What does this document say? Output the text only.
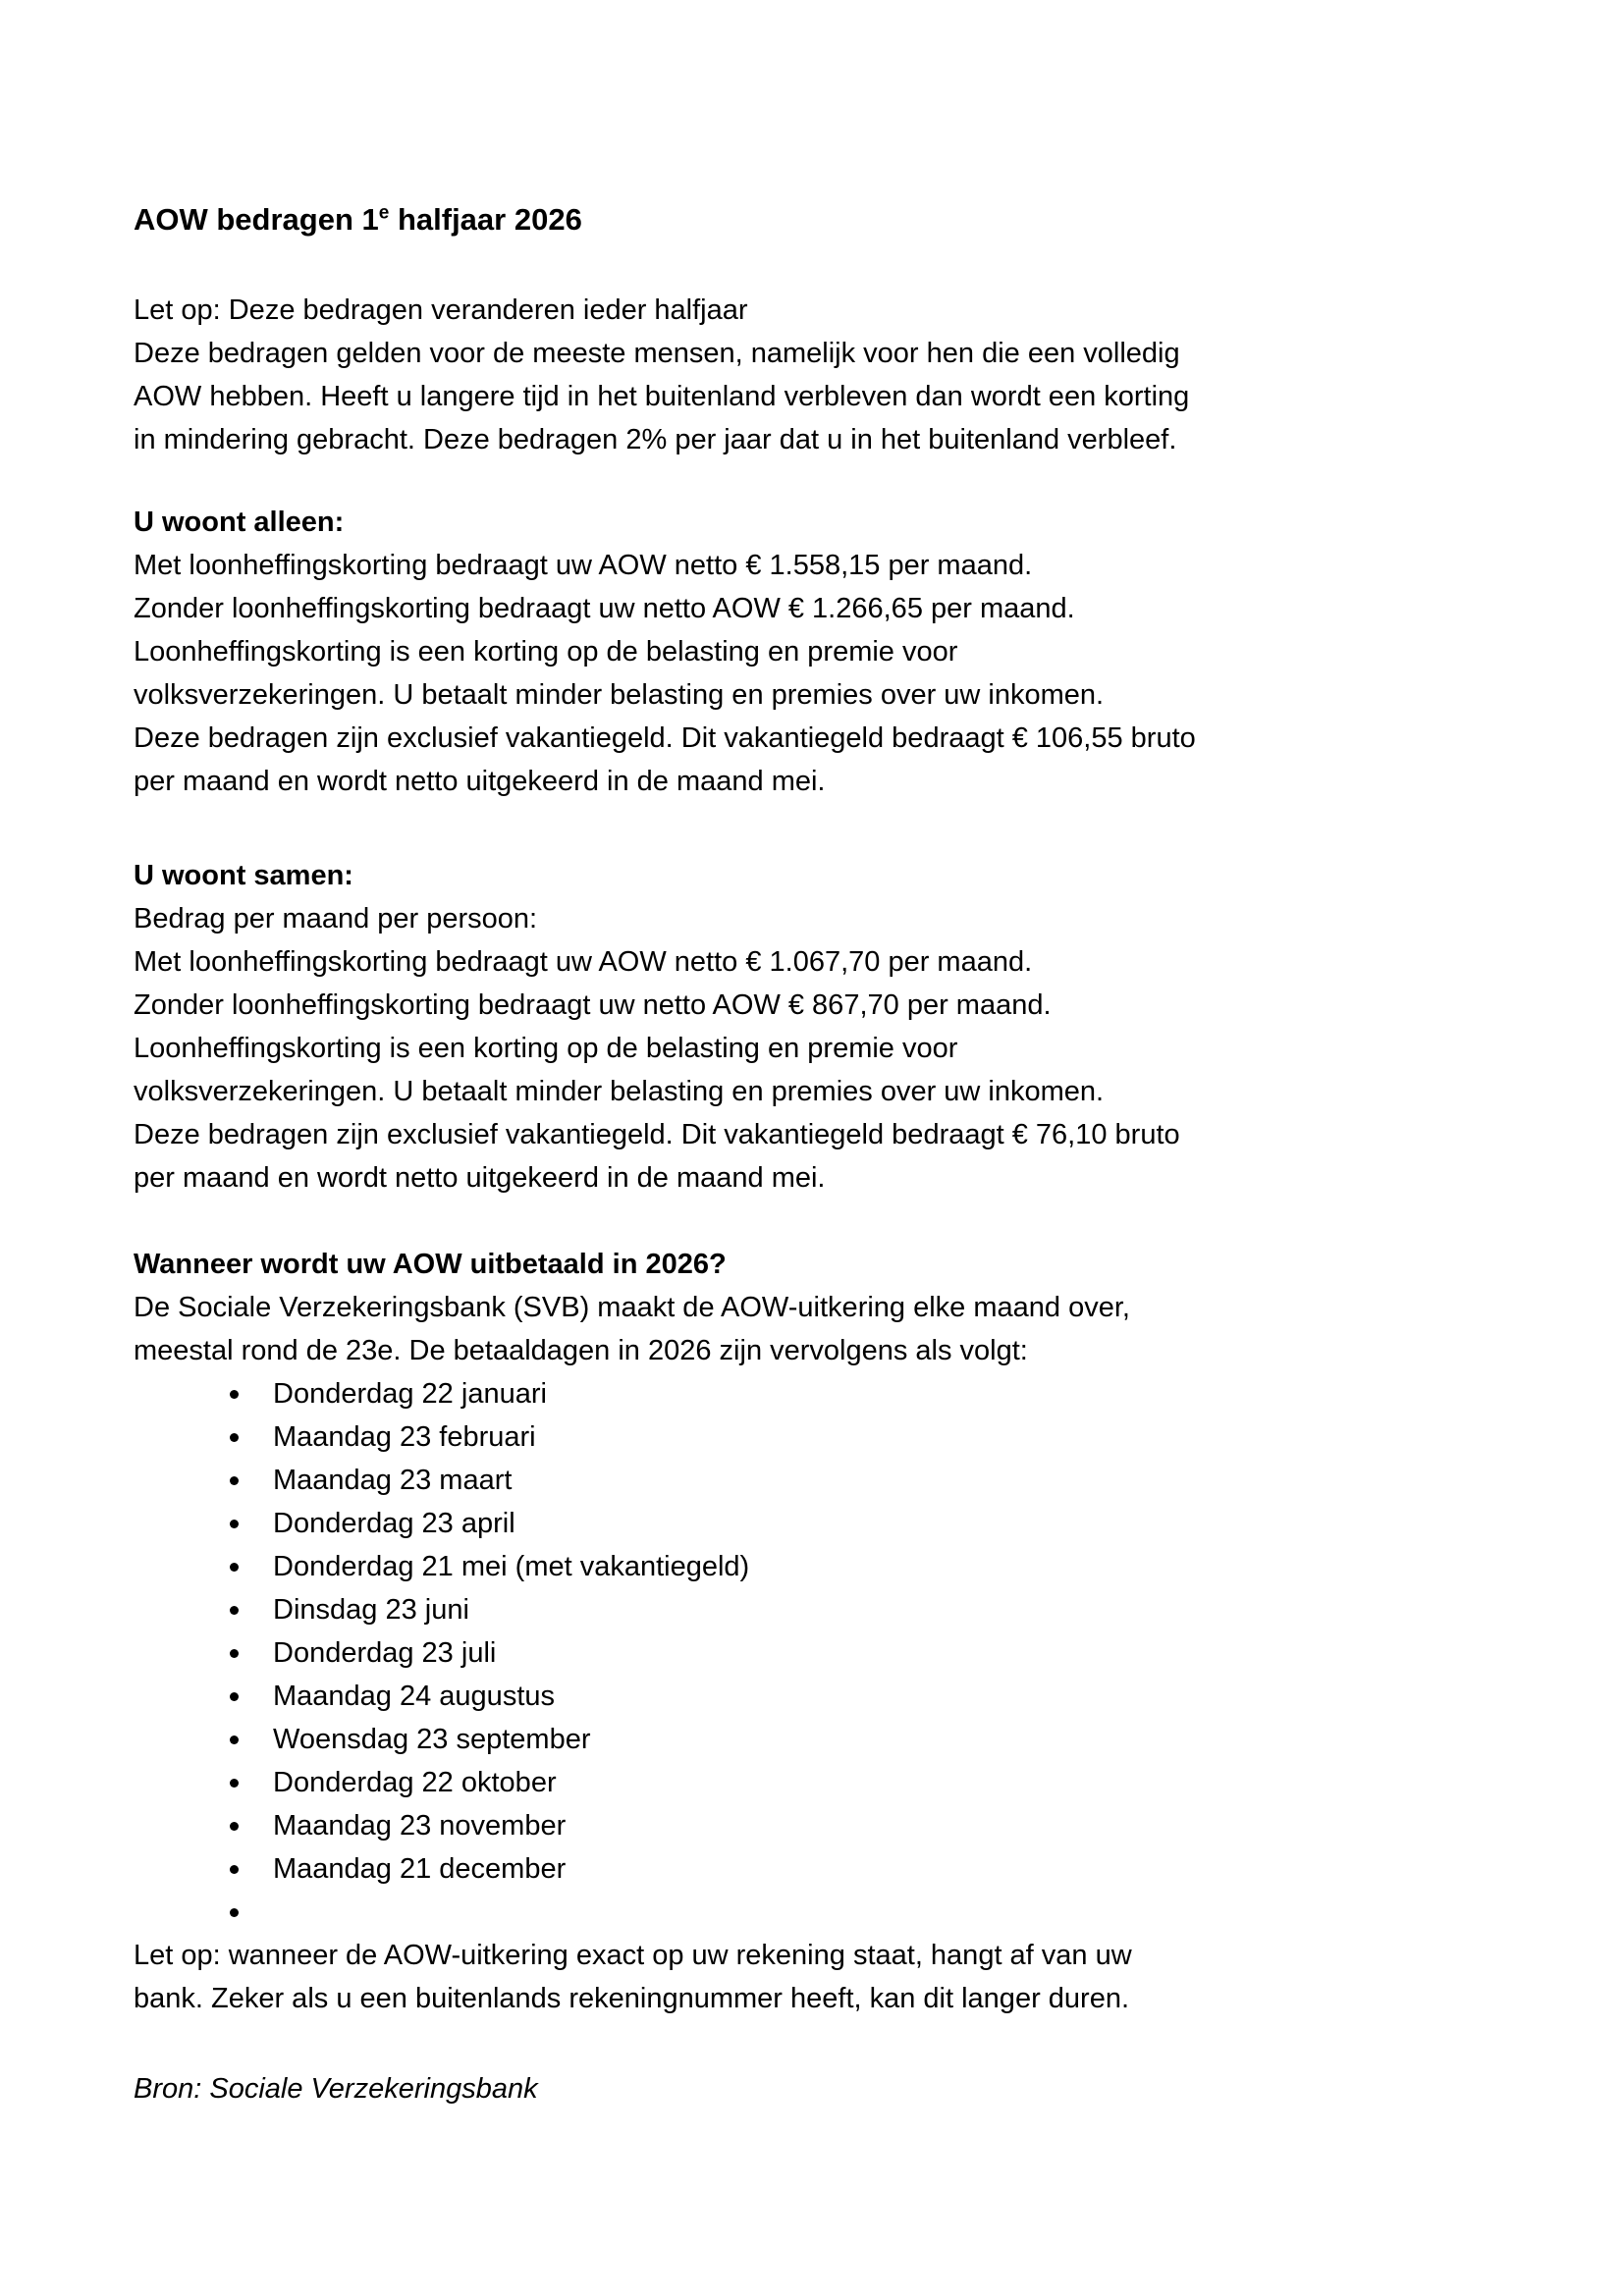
AOW bedragen 1e halfjaar 2026
Let op: Deze bedragen veranderen ieder halfjaar
Deze bedragen gelden voor de meeste mensen, namelijk voor hen die een volledig
AOW hebben. Heeft u langere tijd in het buitenland verbleven dan wordt een korting
in mindering gebracht. Deze bedragen 2% per jaar dat u in het buitenland verbleef.
U woont alleen:
Met loonheffingskorting bedraagt uw AOW netto € 1.558,15 per maand.
Zonder loonheffingskorting bedraagt uw netto AOW € 1.266,65 per maand.
Loonheffingskorting is een korting op de belasting en premie voor
volksverzekeringen. U betaalt minder belasting en premies over uw inkomen.
Deze bedragen zijn exclusief vakantiegeld. Dit vakantiegeld bedraagt € 106,55 bruto
per maand en wordt netto uitgekeerd in de maand mei.
U woont samen:
Bedrag per maand per persoon:
Met loonheffingskorting bedraagt uw AOW netto € 1.067,70 per maand.
Zonder loonheffingskorting bedraagt uw netto AOW € 867,70 per maand.
Loonheffingskorting is een korting op de belasting en premie voor
volksverzekeringen. U betaalt minder belasting en premies over uw inkomen.
Deze bedragen zijn exclusief vakantiegeld. Dit vakantiegeld bedraagt € 76,10 bruto
per maand en wordt netto uitgekeerd in de maand mei.
Wanneer wordt uw AOW uitbetaald in 2026?
De Sociale Verzekeringsbank (SVB) maakt de AOW-uitkering elke maand over,
meestal rond de 23e. De betaaldagen in 2026 zijn vervolgens als volgt:
Donderdag 22 januari
Maandag 23 februari
Maandag 23 maart
Donderdag 23 april
Donderdag 21 mei (met vakantiegeld)
Dinsdag 23 juni
Donderdag 23 juli
Maandag 24 augustus
Woensdag 23 september
Donderdag 22 oktober
Maandag 23 november
Maandag 21 december
Let op: wanneer de AOW-uitkering exact op uw rekening staat, hangt af van uw
bank. Zeker als u een buitenlands rekeningnummer heeft, kan dit langer duren.
Bron: Sociale Verzekeringsbank
